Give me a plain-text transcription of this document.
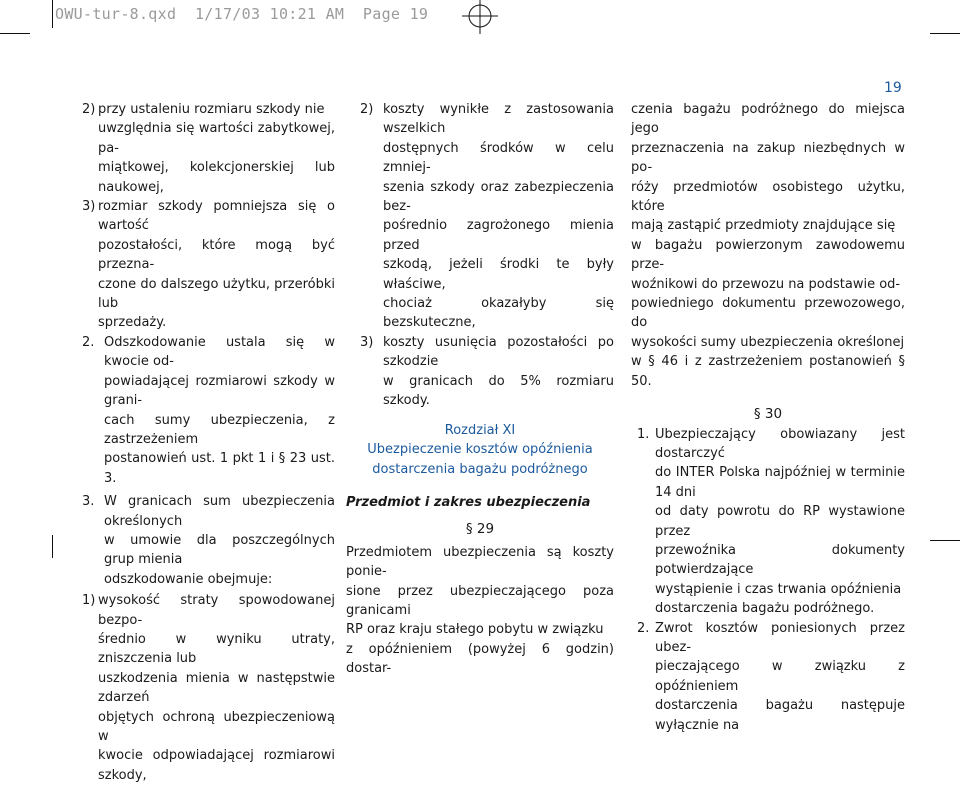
OWU-tur-8.qxd  1/17/03 10:21 AM  Page 19
19
2) przy ustaleniu rozmiaru szkody nie

uwzględnia się wartości zabytkowej, pa-

miątkowej, kolekcjonerskiej lub naukowej,

3) rozmiar szkody pomniejsza się o wartość

pozostałości, które mogą być przezna-

czone do dalszego użytku, przeróbki lub

sprzedaży.

2. Odszkodowanie ustala się w kwocie od-

powiadającej rozmiarowi szkody w grani-

cach sumy ubezpieczenia, z zastrzeżeniem

postanowień ust. 1 pkt 1 i § 23 ust. 3.

3. W granicach sum ubezpieczenia określonych

w umowie dla poszczególnych grup mienia

odszkodowanie obejmuje:

1) wysokość straty spowodowanej bezpo-

średnio w wyniku utraty, zniszczenia lub

uszkodzenia mienia w następstwie zdarzeń

objętych ochroną ubezpieczeniową w

kwocie odpowiadającej rozmiarowi szkody,

2) koszty wynikłe z zastosowania wszelkich

dostępnych środków w celu zmniej-

szenia szkody oraz zabezpieczenia bez-

pośrednio zagrożonego mienia przed

szkodą, jeżeli środki te były właściwe,

chociaż okazałyby się bezskuteczne,

3) koszty usunięcia pozostałości po szkodzie

w granicach do 5% rozmiaru szkody.

Rozdział XI

Ubezpieczenie kosztów opóźnienia

dostarczenia bagażu podróżnego

Przedmiot i zakres ubezpieczenia

§ 29

Przedmiotem ubezpieczenia są koszty ponie-

sione przez ubezpieczającego poza granicami

RP oraz kraju stałego pobytu w związku

z opóźnieniem (powyżej 6 godzin) dostar-

czenia bagażu podróżnego do miejsca jego

przeznaczenia na zakup niezbędnych w po-

róży przedmiotów osobistego użytku, które

mają zastąpić przedmioty znajdujące się

w bagażu powierzonym zawodowemu prze-

woźnikowi do przewozu na podstawie od-

powiedniego dokumentu przewozowego, do

wysokości sumy ubezpieczenia określonej

w § 46 i z zastrzeżeniem postanowień § 50.

§ 30

1. Ubezpieczający obowiazany jest dostarczyć

do INTER Polska najpóźniej w terminie 14 dni

od daty powrotu do RP wystawione przez

przewoźnika dokumenty potwierdzające

wystąpienie i czas trwania opóźnienia

dostarczenia bagażu podróżnego.

2. Zwrot kosztów poniesionych przez ubez-

pieczającego w związku z opóźnieniem

dostarczenia bagażu następuje wyłącznie na
